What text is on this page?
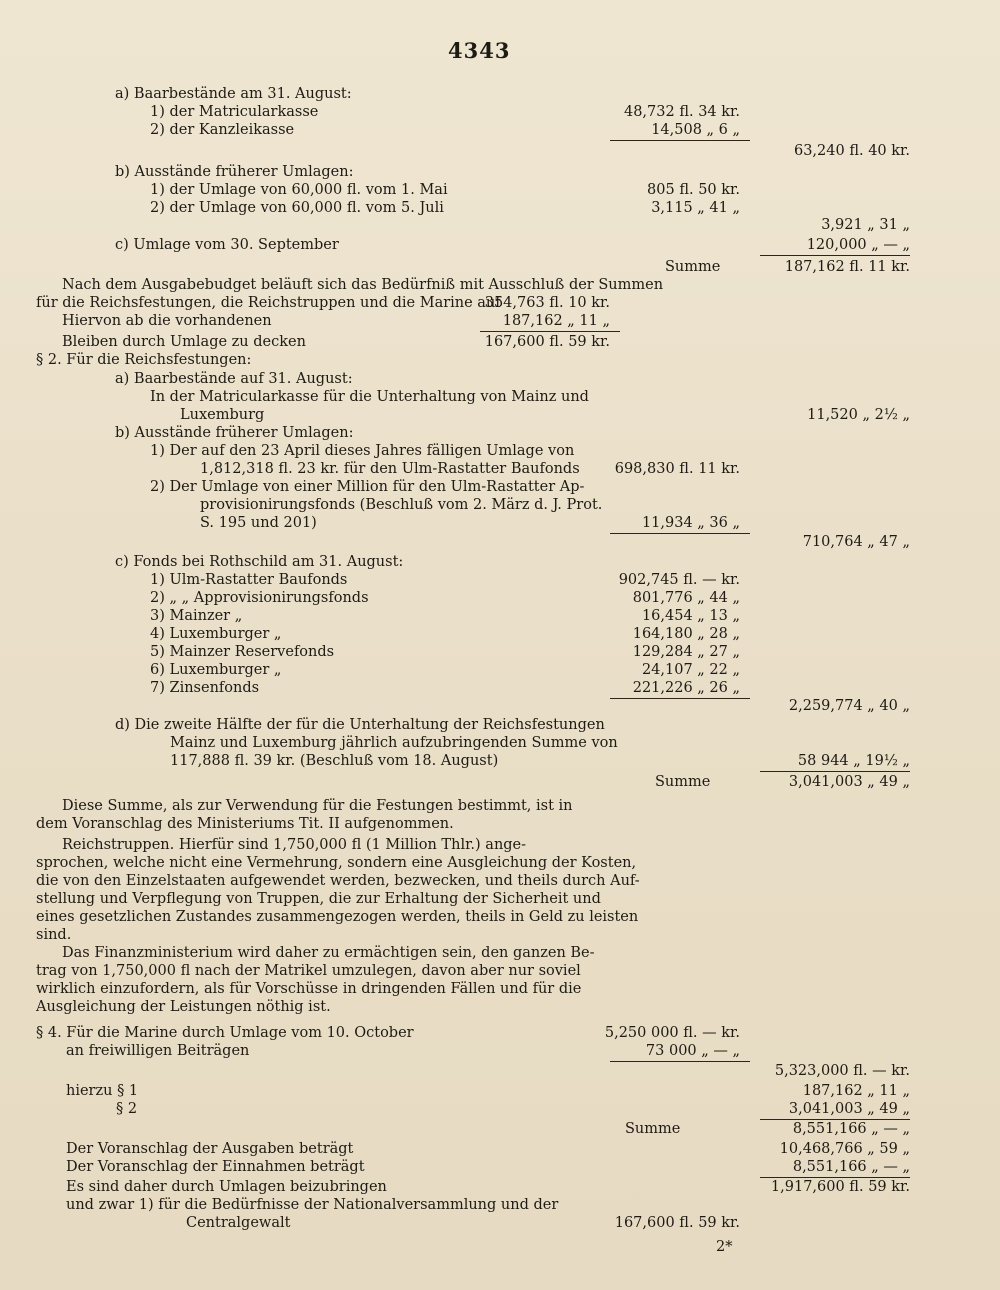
4343
a) Baarbestände am 31. August:
1) der Matricularkasse	48,732 fl. 34 kr.
2) der Kanzleikasse	14,508 „ 6 „
63,240 fl. 40 kr.
b) Ausstände früherer Umlagen:
1) der Umlage von 60,000 fl. vom 1. Mai	805 fl. 50 kr.
2) der Umlage von 60,000 fl. vom 5. Juli	3,115 „ 41 „
3,921 „ 31 „
c) Umlage vom 30. September	120,000 „ — „
Summe	187,162 fl. 11 kr.
Nach dem Ausgabebudget beläuft sich das Bedürfniß mit Ausschluß der Summen
für die Reichsfestungen, die Reichstruppen und die Marine auf
354,763 fl. 10 kr.
Hiervon ab die vorhandenen	187,162 „ 11 „
Bleiben durch Umlage zu decken	167,600 fl. 59 kr.
§ 2. Für die Reichsfestungen:
a) Baarbestände auf 31. August:
In der Matricularkasse für die Unterhaltung von Mainz und
Luxemburg	11,520 „ 2½ „
b) Ausstände früherer Umlagen:
1) Der auf den 23 April dieses Jahres fälligen Umlage von
1,812,318 fl. 23 kr. für den Ulm-Rastatter Baufonds	698,830 fl. 11 kr.
2) Der Umlage von einer Million für den Ulm-Rastatter Ap-
provisionirungsfonds (Beschluß vom 2. März d. J. Prot.
S. 195 und 201)	11,934 „ 36 „
710,764 „ 47 „
c) Fonds bei Rothschild am 31. August:
1) Ulm-Rastatter Baufonds	902,745 fl. — kr.
2) „ „ Approvisionirungsfonds	801,776 „ 44 „
3) Mainzer „	16,454 „ 13 „
4) Luxemburger „	164,180 „ 28 „
5) Mainzer Reservefonds	129,284 „ 27 „
6) Luxemburger „	24,107 „ 22 „
7) Zinsenfonds	221,226 „ 26 „
2,259,774 „ 40 „
d) Die zweite Hälfte der für die Unterhaltung der Reichsfestungen
Mainz und Luxemburg jährlich aufzubringenden Summe von
117,888 fl. 39 kr. (Beschluß vom 18. August)	58 944 „ 19½ „
Summe	3,041,003 „ 49 „
Diese Summe, als zur Verwendung für die Festungen bestimmt, ist in
dem Voranschlag des Ministeriums Tit. II aufgenommen.
Reichstruppen. Hierfür sind 1,750,000 fl (1 Million Thlr.) ange-
sprochen, welche nicht eine Vermehrung, sondern eine Ausgleichung der Kosten,
die von den Einzelstaaten aufgewendet werden, bezwecken, und theils durch Auf-
stellung und Verpflegung von Truppen, die zur Erhaltung der Sicherheit und
eines gesetzlichen Zustandes zusammengezogen werden, theils in Geld zu leisten
sind.
Das Finanzministerium wird daher zu ermächtigen sein, den ganzen Be-
trag von 1,750,000 fl nach der Matrikel umzulegen, davon aber nur soviel
wirklich einzufordern, als für Vorschüsse in dringenden Fällen und für die
Ausgleichung der Leistungen nöthig ist.
§ 4. Für die Marine durch Umlage vom 10. October	5,250 000 fl. — kr.
an freiwilligen Beiträgen	73 000 „ — „
5,323,000 fl. — kr.
hierzu § 1	187,162 „ 11 „
§ 2	3,041,003 „ 49 „
Summe	8,551,166 „ — „
Der Voranschlag der Ausgaben beträgt	10,468,766 „ 59 „
Der Voranschlag der Einnahmen beträgt	8,551,166 „ — „
Es sind daher durch Umlagen beizubringen	1,917,600 fl. 59 kr.
und zwar 1) für die Bedürfnisse der Nationalversammlung und der
Centralgewalt	167,600 fl. 59 kr.
2*
